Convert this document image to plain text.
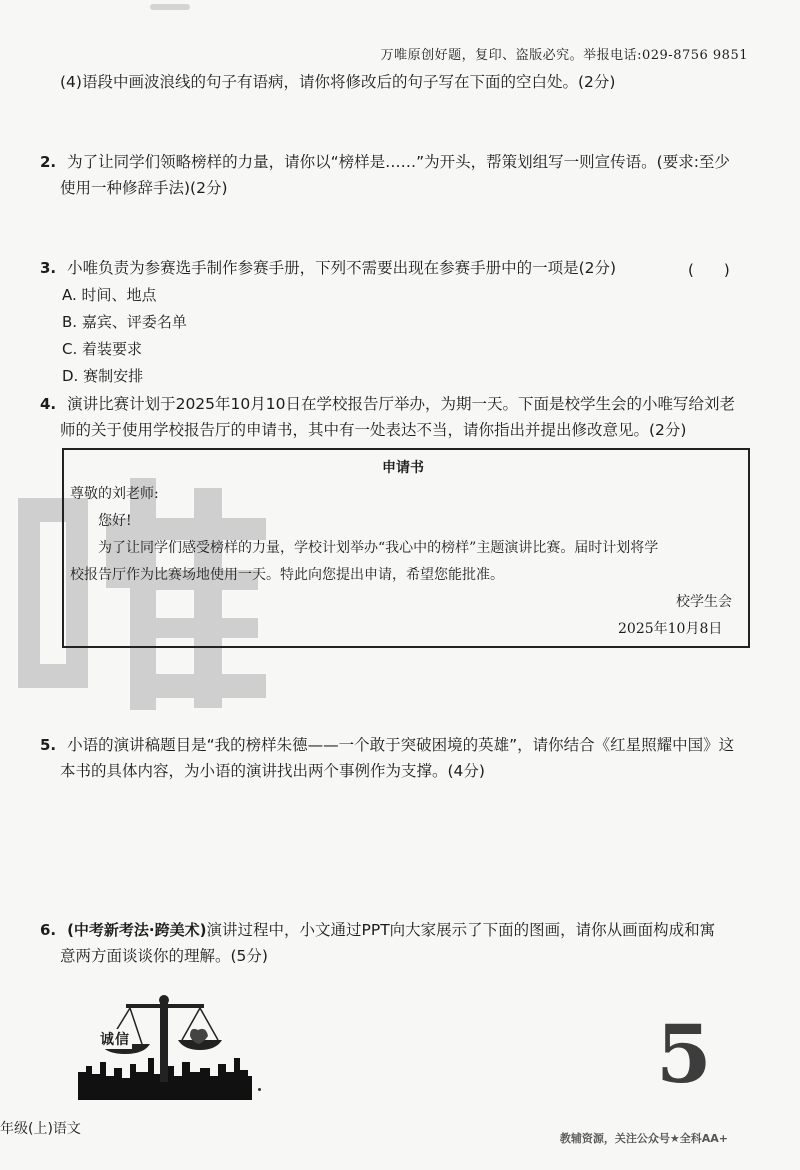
万唯原创好题，复印、盗版必究。举报电话:029-8756 9851
(4)语段中画波浪线的句子有语病，请你将修改后的句子写在下面的空白处。(2分)
2. 为了让同学们领略榜样的力量，请你以“榜样是……”为开头，帮策划组写一则宣传语。(要求:至少
使用一种修辞手法)(2分)
3. 小唯负责为参赛选手制作参赛手册，下列不需要出现在参赛手册中的一项是(2分)	(　　)
A. 时间、地点
B. 嘉宾、评委名单
C. 着装要求
D. 赛制安排
4. 演讲比赛计划于2025年10月10日在学校报告厅举办，为期一天。下面是校学生会的小唯写给刘老
师的关于使用学校报告厅的申请书，其中有一处表达不当，请你指出并提出修改意见。(2分)
申请书
尊敬的刘老师:
您好!
为了让同学们感受榜样的力量，学校计划举办“我心中的榜样”主题演讲比赛。届时计划将学
校报告厅作为比赛场地使用一天。特此向您提出申请，希望您能批准。
校学生会
2025年10月8日
5. 小语的演讲稿题目是“我的榜样朱德——一个敢于突破困境的英雄”，请你结合《红星照耀中国》这
本书的具体内容，为小语的演讲找出两个事例作为支撑。(4分)
6. (中考新考法·跨美术)演讲过程中，小文通过PPT向大家展示了下面的图画，请你从画面构成和寓
意两方面谈谈你的理解。(5分)
诚信	5
年级(上)语文
教辅资源，关注公众号★全科AA+
